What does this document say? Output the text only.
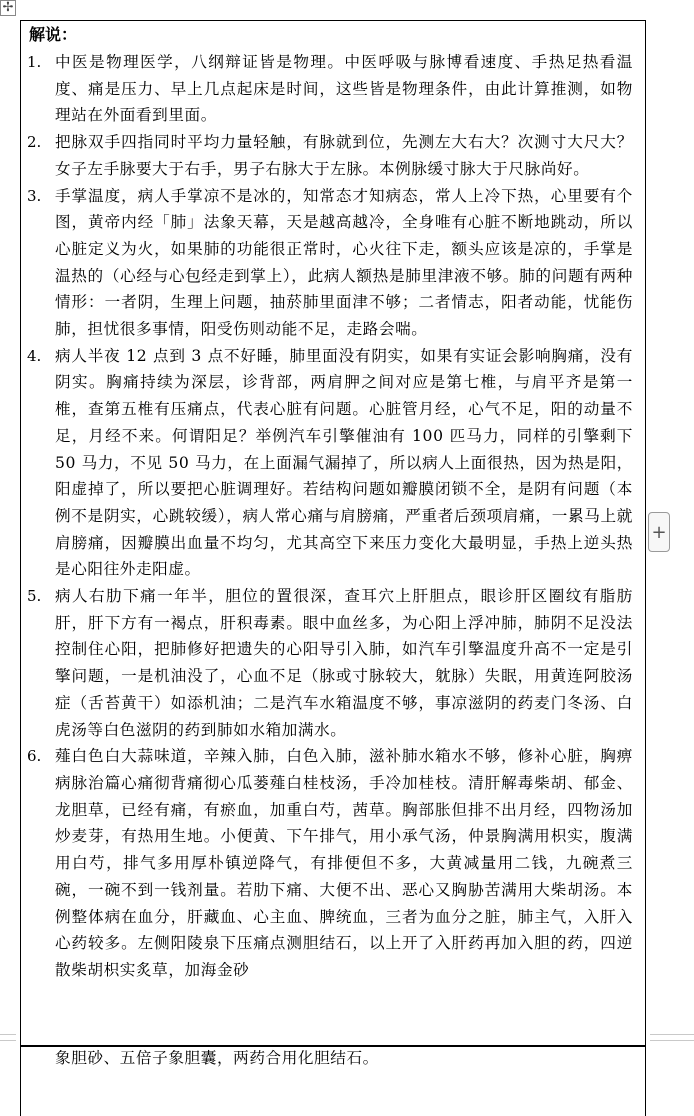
✢
解说：
1. 中医是物理医学，八纲辩证皆是物理。中医呼吸与脉博看速度、手热足热看温度、痛是压力、早上几点起床是时间，这些皆是物理条件，由此计算推测，如物理站在外面看到里面。
2. 把脉双手四指同时平均力量轻触，有脉就到位，先测左大右大？次测寸大尺大？女子左手脉要大于右手，男子右脉大于左脉。本例脉缓寸脉大于尺脉尚好。
3. 手掌温度，病人手掌凉不是冰的，知常态才知病态，常人上冷下热，心里要有个图，黄帝内经「肺」法象天幕，天是越高越冷，全身唯有心脏不断地跳动，所以心脏定义为火，如果肺的功能很正常时，心火往下走，额头应该是凉的，手掌是温热的（心经与心包经走到掌上），此病人额热是肺里津液不够。肺的问题有两种情形：一者阴，生理上问题，抽菸肺里面津不够；二者情志，阳者动能，忧能伤肺，担忧很多事情，阳受伤则动能不足，走路会喘。
4. 病人半夜 12 点到 3 点不好睡，肺里面没有阴实，如果有实证会影响胸痛，没有阴实。胸痛持续为深层，诊背部，两肩胛之间对应是第七椎，与肩平齐是第一椎，查第五椎有压痛点，代表心脏有问题。心脏管月经，心气不足，阳的动量不足，月经不来。何谓阳足？举例汽车引擎催油有 100 匹马力，同样的引擎剩下 50 马力，不见 50 马力，在上面漏气漏掉了，所以病人上面很热，因为热是阳，阳虚掉了，所以要把心脏调理好。若结构问题如瓣膜闭锁不全，是阴有问题（本例不是阴实，心跳较缓），病人常心痛与肩膀痛，严重者后颈项肩痛，一累马上就肩膀痛，因瓣膜出血量不均匀，尤其高空下来压力变化大最明显，手热上逆头热是心阳往外走阳虚。
5. 病人右肋下痛一年半，胆位的置很深，查耳穴上肝胆点，眼诊肝区圈纹有脂肪肝，肝下方有一褐点，肝积毒素。眼中血丝多，为心阳上浮冲肺，肺阴不足没法控制住心阳，把肺修好把遗失的心阳导引入肺，如汽车引擎温度升高不一定是引擎问题，一是机油没了，心血不足（脉或寸脉较大，躭脉）失眠，用黄连阿胶汤症（舌苔黄干）如添机油；二是汽车水箱温度不够，事凉滋阴的药麦门冬汤、白虎汤等白色滋阴的药到肺如水箱加满水。
6. 薤白色白大蒜味道，辛辣入肺，白色入肺，滋补肺水箱水不够，修补心脏，胸痹病脉治篇心痛彻背痛彻心瓜蒌薤白桂枝汤，手冷加桂枝。清肝解毒柴胡、郁金、龙胆草，已经有痛，有瘀血，加重白芍，茜草。胸部胀但排不出月经，四物汤加炒麦芽，有热用生地。小便黄、下午排气，用小承气汤，仲景胸满用枳实，腹满用白芍，排气多用厚朴镇逆降气，有排便但不多，大黄减量用二钱，九碗煮三碗，一碗不到一钱剂量。若肋下痛、大便不出、恶心又胸胁苦满用大柴胡汤。本例整体病在血分，肝藏血、心主血、脾统血，三者为血分之脏，肺主气，入肝入心药较多。左侧阳陵泉下压痛点测胆结石，以上开了入肝药再加入胆的药，四逆散柴胡枳实炙草，加海金砂
象胆砂、五倍子象胆囊，两药合用化胆结石。
+
